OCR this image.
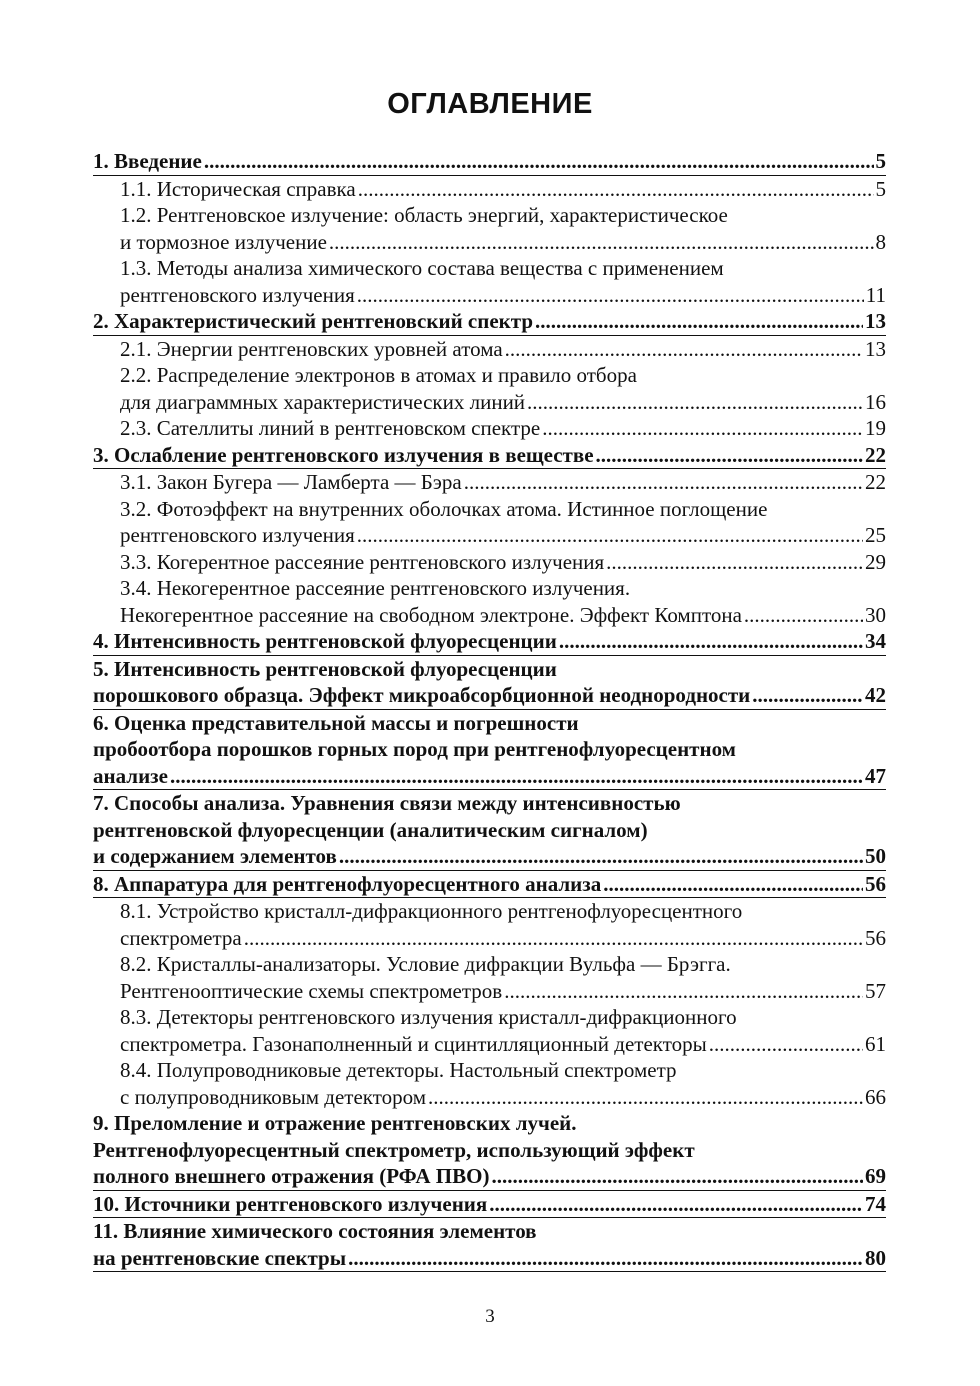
ОГЛАВЛЕНИЕ
1. Введение .....	5
1.1. Историческая справка .....	5
1.2. Рентгеновское излучение: область энергий, характеристическое
и тормозное излучение .....	8
1.3. Методы анализа химического состава вещества с применением
рентгеновского излучения .....	11
2. Характеристический рентгеновский спектр .....	13
2.1. Энергии рентгеновских уровней атома .....	13
2.2. Распределение электронов в атомах и правило отбора
для диаграммных характеристических линий .....	16
2.3. Сателлиты линий в рентгеновском спектре .....	19
3. Ослабление рентгеновского излучения в веществе .....	22
3.1. Закон Бугера — Ламберта — Бэра .....	22
3.2. Фотоэффект на внутренних оболочках атома. Истинное поглощение
рентгеновского излучения .....	25
3.3. Когерентное рассеяние рентгеновского излучения .....	29
3.4. Некогерентное рассеяние рентгеновского излучения.
Некогерентное рассеяние на свободном электроне. Эффект Комптона .....	30
4. Интенсивность рентгеновской флуоресценции .....	34
5. Интенсивность рентгеновской флуоресценции
порошкового образца. Эффект микроабсорбционной неоднородности .....	42
6. Оценка представительной массы и погрешности
пробоотбора порошков горных пород при рентгенофлуоресцентном
анализе .....	47
7. Способы анализа. Уравнения связи между интенсивностью
рентгеновской флуоресценции (аналитическим сигналом)
и содержанием элементов .....	50
8. Аппаратура для рентгенофлуоресцентного анализа .....	56
8.1. Устройство кристалл-дифракционного рентгенофлуоресцентного
спектрометра .....	56
8.2. Кристаллы-анализаторы. Условие дифракции Вульфа — Брэгга.
Рентгенооптические схемы спектрометров .....	57
8.3. Детекторы рентгеновского излучения кристалл-дифракционного
спектрометра. Газонаполненный и сцинтилляционный детекторы .....	61
8.4. Полупроводниковые детекторы. Настольный спектрометр
с полупроводниковым детектором .....	66
9. Преломление и отражение рентгеновских лучей.
Рентгенофлуоресцентный спектрометр, использующий эффект
полного внешнего отражения (РФА ПВО) .....	69
10. Источники рентгеновского излучения .....	74
11. Влияние химического состояния элементов
на рентгеновские спектры .....	80
3
